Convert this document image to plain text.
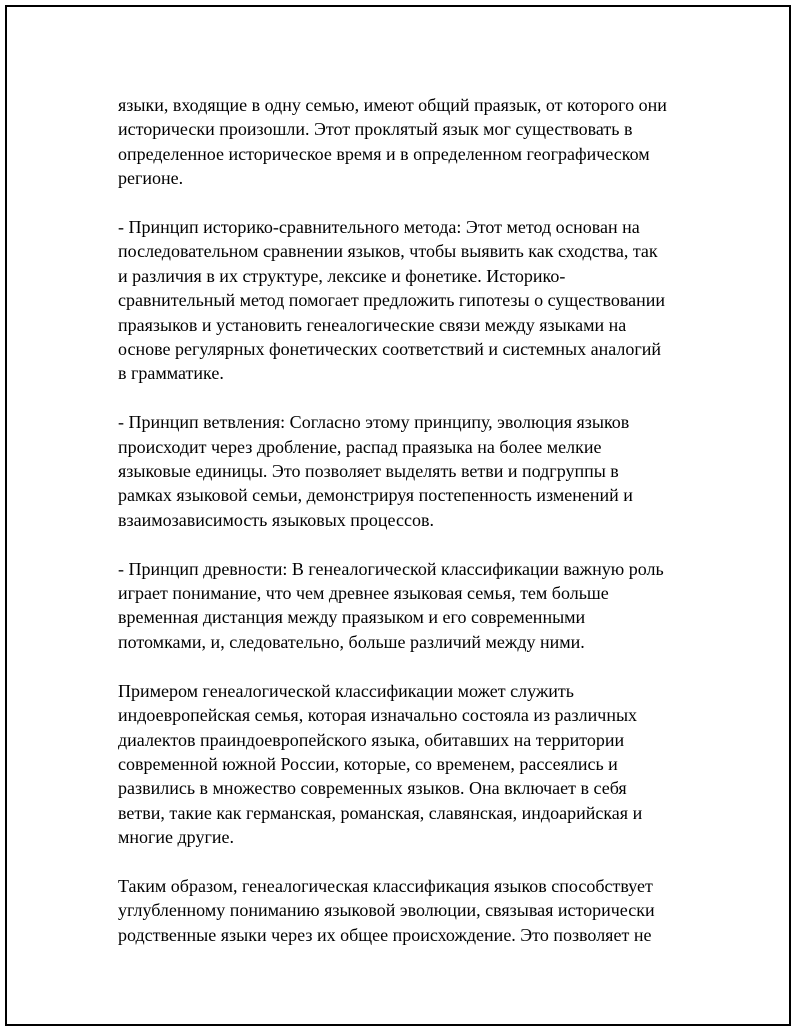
языки, входящие в одну семью, имеют общий праязык, от которого они
исторически произошли. Этот проклятый язык мог существовать в
определенное историческое время и в определенном географическом
регионе.

- Принцип историко-сравнительного метода: Этот метод основан на
последовательном сравнении языков, чтобы выявить как сходства, так
и различия в их структуре, лексике и фонетике. Историко-
сравнительный метод помогает предложить гипотезы о существовании
праязыков и установить генеалогические связи между языками на
основе регулярных фонетических соответствий и системных аналогий
в грамматике.

- Принцип ветвления: Согласно этому принципу, эволюция языков
происходит через дробление, распад праязыка на более мелкие
языковые единицы. Это позволяет выделять ветви и подгруппы в
рамках языковой семьи, демонстрируя постепенность изменений и
взаимозависимость языковых процессов.

- Принцип древности: В генеалогической классификации важную роль
играет понимание, что чем древнее языковая семья, тем больше
временная дистанция между праязыком и его современными
потомками, и, следовательно, больше различий между ними.

Примером генеалогической классификации может служить
индоевропейская семья, которая изначально состояла из различных
диалектов праиндоевропейского языка, обитавших на территории
современной южной России, которые, со временем, рассеялись и
развились в множество современных языков. Она включает в себя
ветви, такие как германская, романская, славянская, индоарийская и
многие другие.

Таким образом, генеалогическая классификация языков способствует
углубленному пониманию языковой эволюции, связывая исторически
родственные языки через их общее происхождение. Это позволяет не
